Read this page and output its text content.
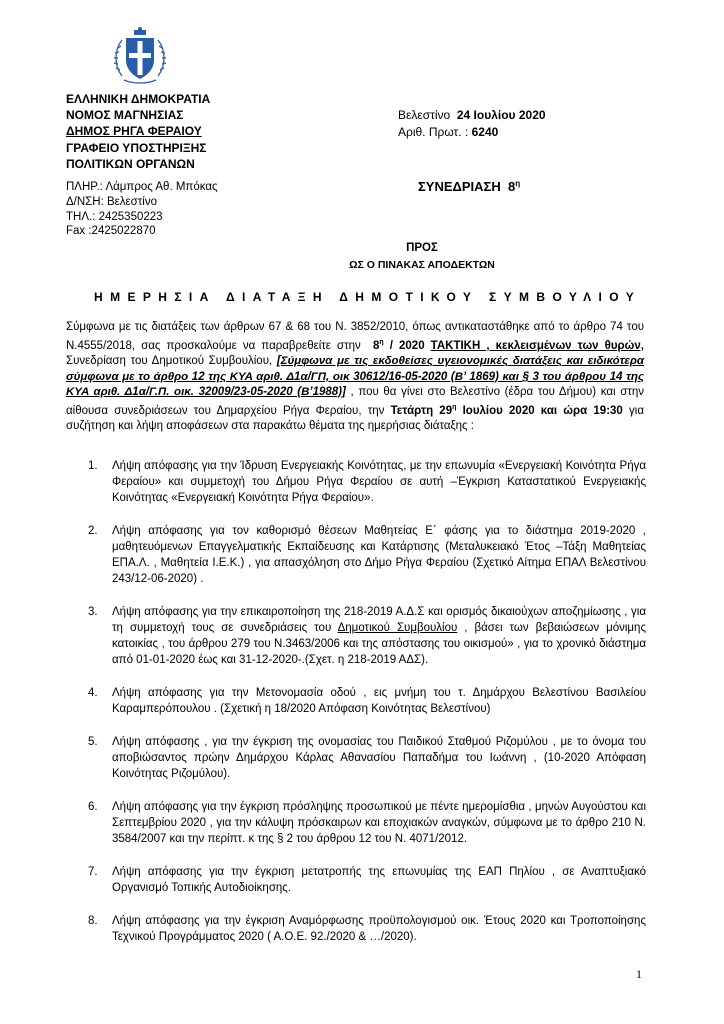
ΕΛΛΗΝΙΚΗ ΔΗΜΟΚΡΑΤΙΑ
ΝΟΜΟΣ ΜΑΓΝΗΣΙΑΣ
ΔΗΜΟΣ ΡΗΓΑ ΦΕΡΑΙΟΥ
ΓΡΑΦΕΙΟ ΥΠΟΣΤΗΡΙΞΗΣ
ΠΟΛΙΤΙΚΩΝ ΟΡΓΑΝΩΝ
Βελεστίνο 24 Ιουλίου 2020
Αριθ. Πρωτ. : 6240
ΠΛΗΡ.: Λάμπρος Αθ. Μπόκας
Δ/ΝΣΗ: Βελεστίνο
ΤΗΛ.: 2425350223
Fax :2425022870
ΣΥΝΕΔΡΙΑΣΗ $8^\eta$
ΠΡΟΣ
ΩΣ Ο ΠΙΝΑΚΑΣ ΑΠΟΔΕΚΤΩΝ
ΗΜΕΡΗΣΙΑ ΔΙΑΤΑΞΗ ΔΗΜΟΤΙΚΟΥ ΣΥΜΒΟΥΛΙΟΥ
Σύμφωνα με τις διατάξεις των άρθρων 67 & 68 του Ν. 3852/2010, όπως αντικαταστάθηκε από το άρθρο 74 του Ν.4555/2018, σας προσκαλούμε να παραβρεθείτε στην  $8^\eta / 2020$ ΤΑΚΤΙΚΗ , κεκλεισμένων των θυρών, Συνεδρίαση του Δημοτικού Συμβουλίου, [Σύμφωνα με τις εκδοθείσες υγειονομικές διατάξεις και ειδικότερα σύμφωνα με το άρθρο 12 της ΚΥΑ αριθ. Δ1α/ΓΠ, οικ 30612/16-05-2020 (Β’ 1869) και § 3 του άρθρου 14 της ΚΥΑ αριθ. Δ1α/Γ.Π. οικ. 32009/23-05-2020 (Β’1988)] , που θα γίνει στο Βελεστίνο (έδρα του Δήμου) και στην αίθουσα συνεδριάσεων του Δημαρχείου Ρήγα Φεραίου, την Τετάρτη $29^\eta$ Ιουλίου 2020 και ώρα 19:30 για συζήτηση και λήψη αποφάσεων στα παρακάτω θέματα της ημερήσιας διάταξης :
1. Λήψη απόφασης για την Ίδρυση Ενεργειακής Κοινότητας, με την επωνυμία «Ενεργειακή Κοινότητα Ρήγα Φεραίου» και συμμετοχή του Δήμου Ρήγα Φεραίου σε αυτή –Έγκριση Καταστατικού Ενεργειακής Κοινότητας «Ενεργειακή Κοινότητα Ρήγα Φεραίου».
2. Λήψη απόφασης για τον καθορισμό θέσεων Μαθητείας Ε΄ φάσης για το διάστημα 2019-2020 , μαθητευόμενων Επαγγελματικής Εκπαίδευσης και Κατάρτισης (Μεταλυκειακό Έτος –Τάξη Μαθητείας ΕΠΑ.Λ. , Μαθητεία Ι.Ε.Κ.) , για απασχόληση στο Δήμο Ρήγα Φεραίου (Σχετικό Αίτημα ΕΠΑΛ Βελεστίνου 243/12-06-2020) .
3. Λήψη απόφασης για την επικαιροποίηση της 218-2019 Α.Δ.Σ και ορισμός δικαιούχων αποζημίωσης , για τη συμμετοχή τους σε συνεδριάσεις του Δημοτικού Συμβουλίου , βάσει των βεβαιώσεων μόνιμης κατοικίας , του άρθρου 279 του Ν.3463/2006 και της απόστασης του οικισμού» , για το χρονικό διάστημα από 01-01-2020 έως και 31-12-2020-.(Σχετ. η 218-2019 ΑΔΣ).
4. Λήψη απόφασης για την Μετονομασία οδού , εις μνήμη του τ. Δημάρχου Βελεστίνου Βασιλείου Καραμπερόπουλου . (Σχετική η 18/2020 Απόφαση Κοινότητας Βελεστίνου)
5. Λήψη απόφασης , για την έγκριση της ονομασίας του Παιδικού Σταθμού Ριζομύλου , με το όνομα του αποβιώσαντος πρώην Δημάρχου Κάρλας Αθανασίου Παπαδήμα του Ιωάννη , (10-2020 Απόφαση Κοινότητας Ριζομύλου).
6. Λήψη απόφασης για την έγκριση πρόσληψης προσωπικού με πέντε ημερομίσθια , μηνών Αυγούστου και Σεπτεμβρίου 2020 , για την κάλυψη πρόσκαιρων και εποχιακών αναγκών, σύμφωνα με το άρθρο 210 Ν. 3584/2007 και την περίπτ. κ της § 2 του άρθρου 12 του Ν. 4071/2012.
7. Λήψη απόφασης για την έγκριση μετατροπής της επωνυμίας της ΕΑΠ Πηλίου , σε Αναπτυξιακό Οργανισμό Τοπικής Αυτοδιοίκησης.
8. Λήψη απόφασης για την έγκριση Αναμόρφωσης προϋπολογισμού οικ. Έτους 2020 και Τροποποίησης Τεχνικού Προγράμματος 2020 ( Α.Ο.Ε. 92./2020 & …/2020).
1
